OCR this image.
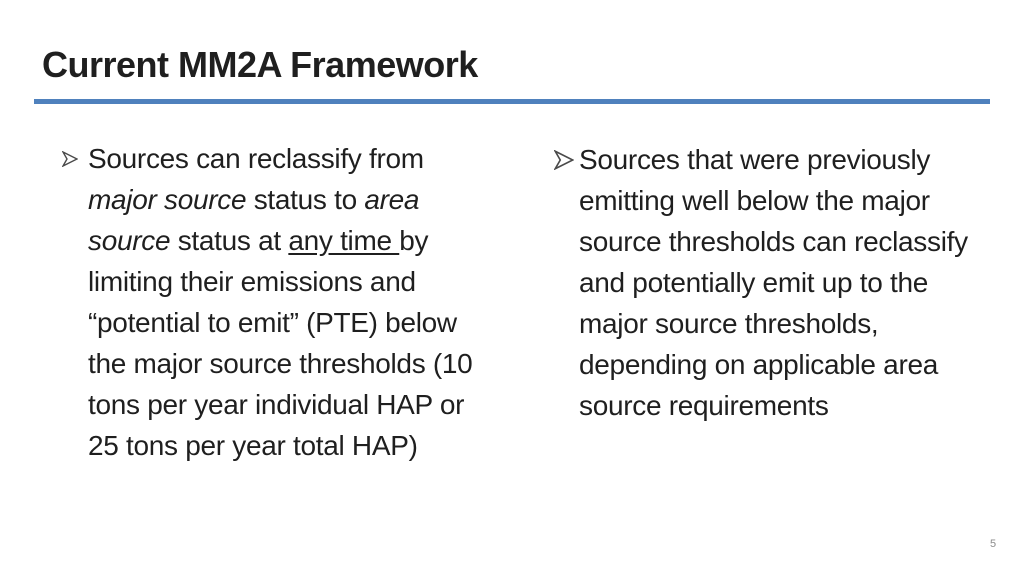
Current MM2A Framework
Sources can reclassify from major source status to area source status at any time by limiting their emissions and “potential to emit” (PTE) below the major source thresholds (10 tons per year individual HAP or 25 tons per year total HAP)
Sources that were previously emitting well below the major source thresholds can reclassify and potentially emit up to the major source thresholds, depending on applicable area source requirements
5
